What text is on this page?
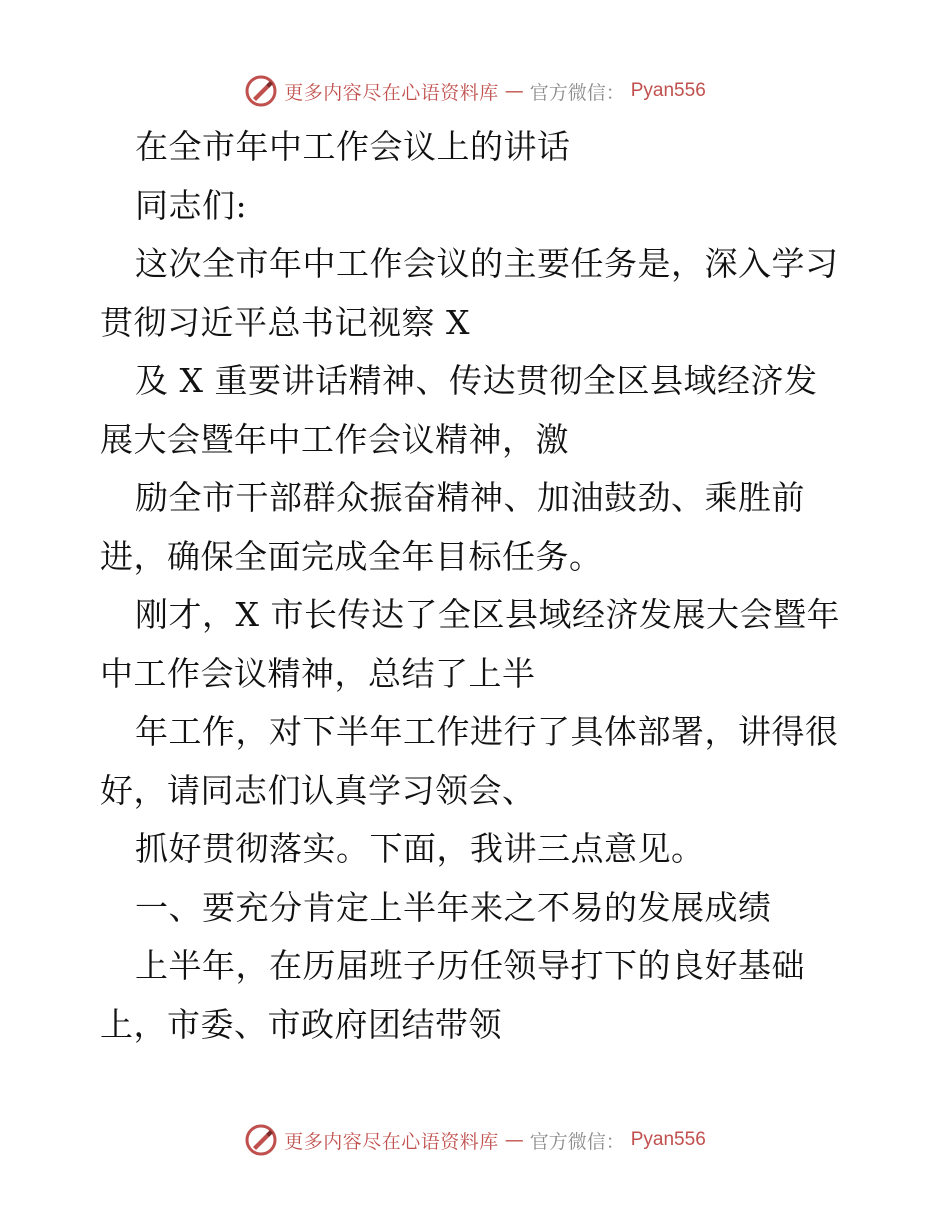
更多内容尽在心语资料库 — 官方微信： Pyan556
在全市年中工作会议上的讲话
同志们:
这次全市年中工作会议的主要任务是，深入学习
贯彻习近平总书记视察 X
及 X 重要讲话精神、传达贯彻全区县域经济发
展大会暨年中工作会议精神，激
励全市干部群众振奋精神、加油鼓劲、乘胜前
进，确保全面完成全年目标任务。
刚才，X 市长传达了全区县域经济发展大会暨年
中工作会议精神，总结了上半
年工作，对下半年工作进行了具体部署，讲得很
好，请同志们认真学习领会、
抓好贯彻落实。下面，我讲三点意见。
一、要充分肯定上半年来之不易的发展成绩
上半年，在历届班子历任领导打下的良好基础
上，市委、市政府团结带领
更多内容尽在心语资料库 — 官方微信： Pyan556
